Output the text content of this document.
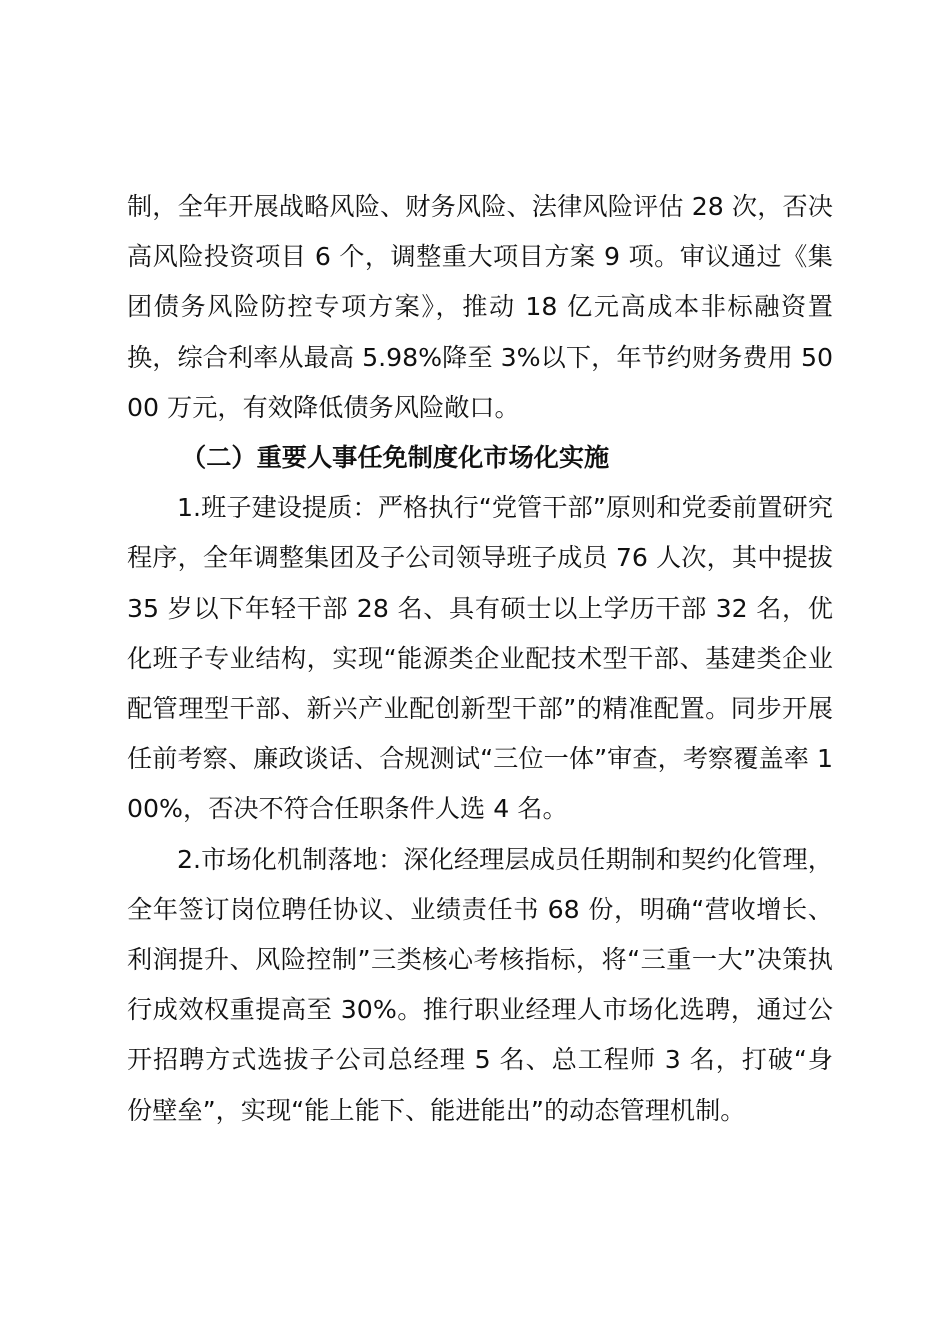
制，全年开展战略风险、财务风险、法律风险评估 28 次，否决高风险投资项目 6 个，调整重大项目方案 9 项。审议通过《集团债务风险防控专项方案》，推动 18 亿元高成本非标融资置换，综合利率从最高 5.98%降至 3%以下，年节约财务费用 5000 万元，有效降低债务风险敞口。

（二）重要人事任免制度化市场化实施

1.班子建设提质：严格执行“党管干部”原则和党委前置研究程序，全年调整集团及子公司领导班子成员 76 人次，其中提拔 35 岁以下年轻干部 28 名、具有硕士以上学历干部 32 名，优化班子专业结构，实现“能源类企业配技术型干部、基建类企业配管理型干部、新兴产业配创新型干部”的精准配置。同步开展任前考察、廉政谈话、合规测试“三位一体”审查，考察覆盖率 100%，否决不符合任职条件人选 4 名。

2.市场化机制落地：深化经理层成员任期制和契约化管理，全年签订岗位聘任协议、业绩责任书 68 份，明确“营收增长、利润提升、风险控制”三类核心考核指标，将“三重一大”决策执行成效权重提高至 30%。推行职业经理人市场化选聘，通过公开招聘方式选拔子公司总经理 5 名、总工程师 3 名，打破“身份壁垒”，实现“能上能下、能进能出”的动态管理机制。
